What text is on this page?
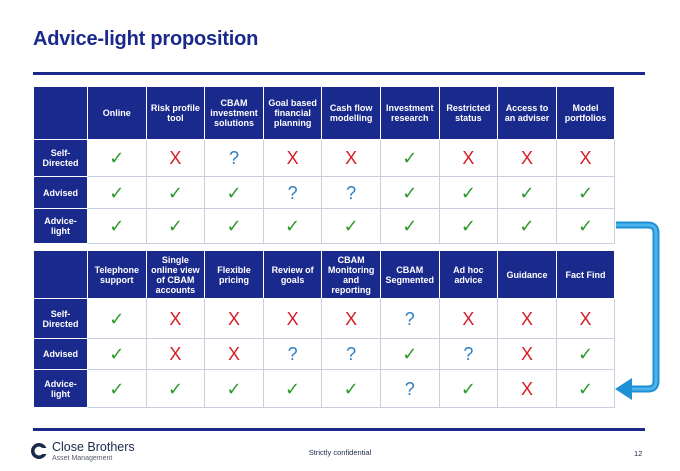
Advice-light proposition
	Online	Risk profile tool	CBAM investment solutions	Goal based financial planning	Cash flow modelling	Investment research	Restricted status	Access to an adviser	Model portfolios
Self-Directed	✓	X	?	X	X	✓	X	X	X
Advised	✓	✓	✓	?	?	✓	✓	✓	✓
Advice-light	✓	✓	✓	✓	✓	✓	✓	✓	✓
	Telephone support	Single online view of CBAM accounts	Flexible pricing	Review of goals	CBAM Monitoring and reporting	CBAM Segmented	Ad hoc advice	Guidance	Fact Find
Self-Directed	✓	X	X	X	X	?	X	X	X
Advised	✓	X	X	?	?	✓	?	X	✓
Advice-light	✓	✓	✓	✓	✓	?	✓	X	✓
Close Brothers
Asset Management
Strictly confidential	12
